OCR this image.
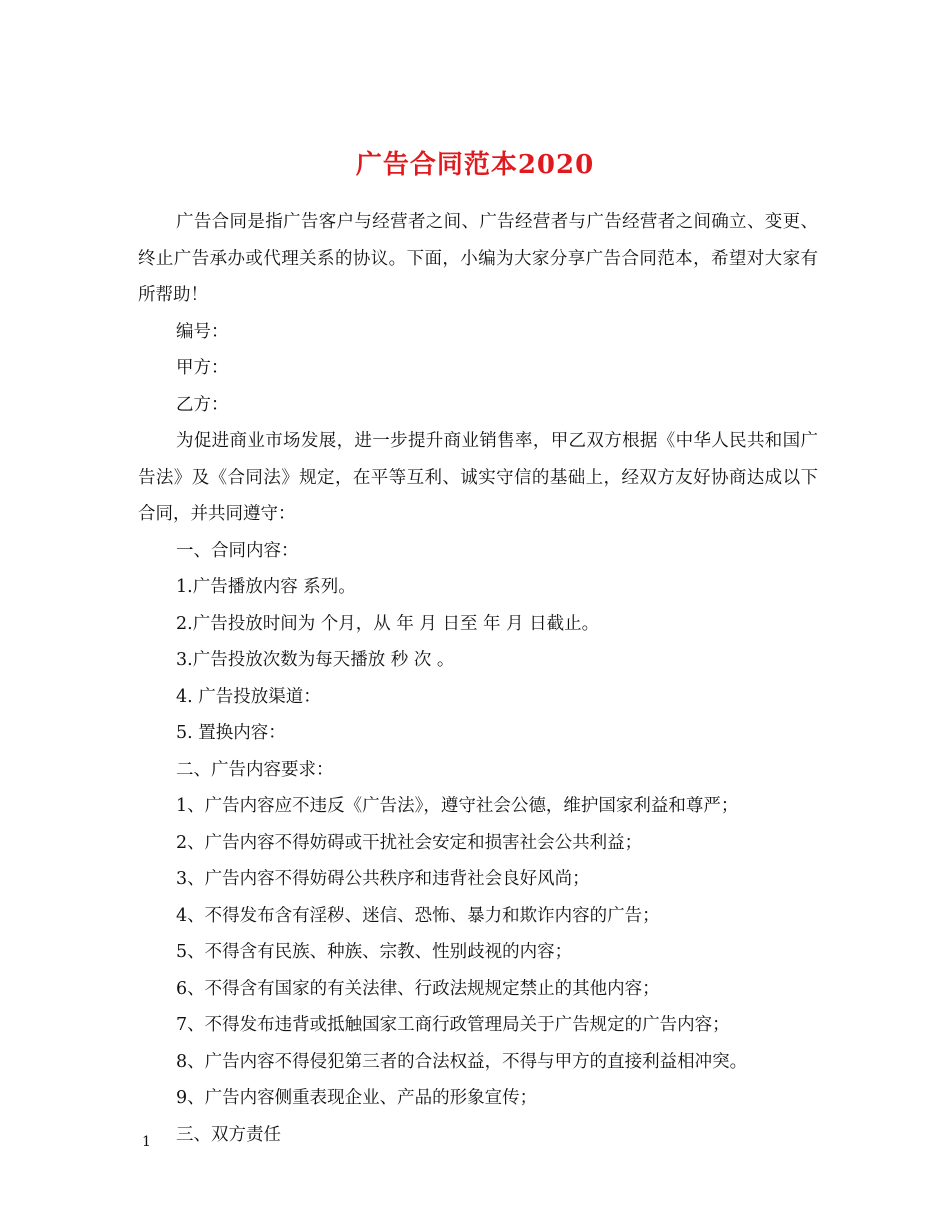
广告合同范本2020

广告合同是指广告客户与经营者之间、广告经营者与广告经营者之间确立、变更、终止广告承办或代理关系的协议。下面，小编为大家分享广告合同范本，希望对大家有所帮助！

编号：

甲方：

乙方：

为促进商业市场发展，进一步提升商业销售率，甲乙双方根据《中华人民共和国广告法》及《合同法》规定，在平等互利、诚实守信的基础上，经双方友好协商达成以下合同，并共同遵守：

一、合同内容：

1.广告播放内容 系列。

2.广告投放时间为 个月，从 年 月 日至 年 月 日截止。

3.广告投放次数为每天播放 秒 次 。

4. 广告投放渠道：

5. 置换内容：

二、广告内容要求：

1、广告内容应不违反《广告法》，遵守社会公德，维护国家利益和尊严；

2、广告内容不得妨碍或干扰社会安定和损害社会公共利益；

3、广告内容不得妨碍公共秩序和违背社会良好风尚；

4、不得发布含有淫秽、迷信、恐怖、暴力和欺诈内容的广告；

5、不得含有民族、种族、宗教、性别歧视的内容；

6、不得含有国家的有关法律、行政法规规定禁止的其他内容；

7、不得发布违背或抵触国家工商行政管理局关于广告规定的广告内容；

8、广告内容不得侵犯第三者的合法权益，不得与甲方的直接利益相冲突。

9、广告内容侧重表现企业、产品的形象宣传；

三、双方责任

1
